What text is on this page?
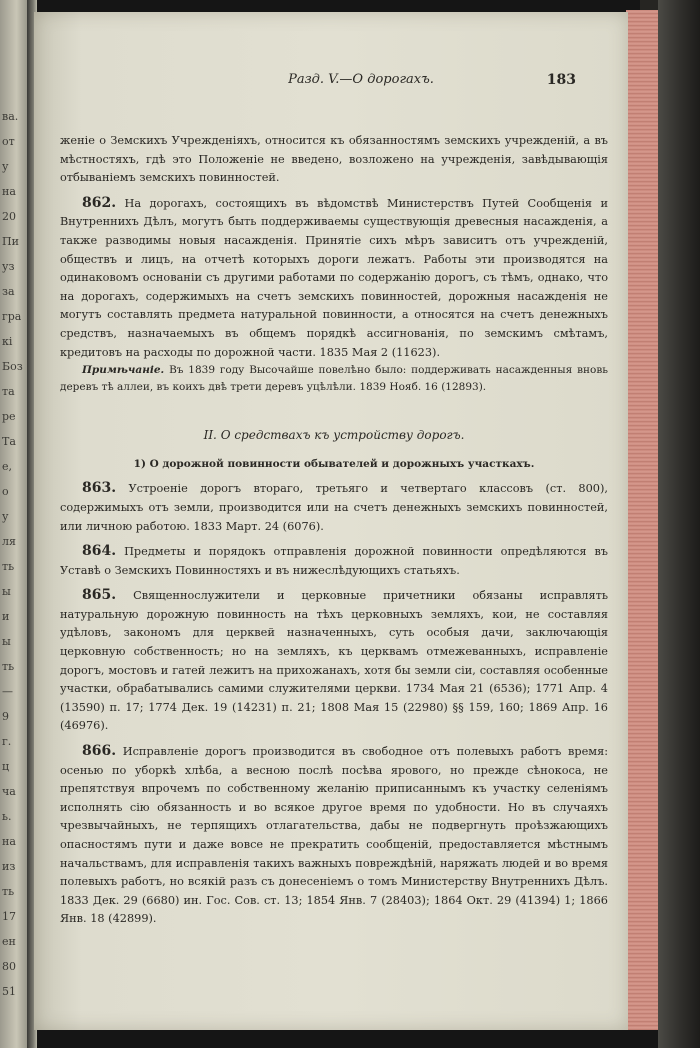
ва.
от
у
на
20
Пи
уз
за
гра
кі
Боз
та
ре
Та
е,
о
у
ля
ть
ы
и
ы
ть
—
9
г.
ц
ча
ь.
на
из
ть
17
ен
80
51

женіе о Земскихъ Учрежденіяхъ, относится къ обязанностямъ земскихъ учрежденій, а въ мѣстностяхъ, гдѣ это Положеніе не введено, возложено на учрежденія, завѣдывающія отбываніемъ земскихъ повинностей.

862. На дорогахъ, состоящихъ въ вѣдомствѣ Министерствъ Путей Сообщенія и Внутреннихъ Дѣлъ, могутъ быть поддерживаемы существующія древесныя насажденія, а также разводимы новыя насажденія. Принятіе сихъ мѣръ зависитъ отъ учрежденій, обществъ и лицъ, на отчетѣ которыхъ дороги лежатъ. Работы эти производятся на одинаковомъ основаніи съ другими работами по содержанію дорогъ, съ тѣмъ, однако, что на дорогахъ, содержимыхъ на счетъ земскихъ повинностей, дорожныя насажденія не могутъ составлять предмета натуральной повинности, а относятся на счетъ денежныхъ средствъ, назначаемыхъ въ общемъ порядкѣ ассигнованія, по земскимъ смѣтамъ, кредитовъ на расходы по дорожной части. 1835 Мая 2 (11623).

Примѣчаніе. Въ 1839 году Высочайше повелѣно было: поддерживать насажденныя вновь деревъ тѣ аллеи, въ коихъ двѣ трети деревъ уцѣлѣли. 1839 Нояб. 16 (12893).

II. О средствахъ къ устройству дорогъ.
1) О дорожной повинности обывателей и дорожныхъ участкахъ.

863. Устроеніе дорогъ втораго, третьяго и четвертаго классовъ (ст. 800), содержимыхъ отъ земли, производится или на счетъ денежныхъ земскихъ повинностей, или личною работою. 1833 Март. 24 (6076).

864. Предметы и порядокъ отправленія дорожной повинности опредѣляются въ Уставѣ о Земскихъ Повинностяхъ и въ нижеслѣдующихъ статьяхъ.

865. Священнослужители и церковные причетники обязаны исправлять натуральную дорожную повинность на тѣхъ церковныхъ земляхъ, кои, не составляя удѣловъ, закономъ для церквей назначенныхъ, суть особыя дачи, заключающія церковную собственность; но на земляхъ, къ церквамъ отмежеванныхъ, исправленіе дорогъ, мостовъ и гатей лежитъ на прихожанахъ, хотя бы земли сіи, составляя особенные участки, обрабатывались самими служителями церкви. 1734 Мая 21 (6536); 1771 Апр. 4 (13590) п. 17; 1774 Дек. 19 (14231) п. 21; 1808 Мая 15 (22980) §§ 159, 160; 1869 Апр. 16 (46976).

866. Исправленіе дорогъ производится въ свободное отъ полевыхъ работъ время: осенью по уборкѣ хлѣба, а весною послѣ посѣва ярового, но прежде сѣнокоса, не препятствуя впрочемъ по собственному желанію приписаннымъ къ участку селеніямъ исполнять сію обязанность и во всякое другое время по удобности. Но въ случаяхъ чрезвычайныхъ, не терпящихъ отлагательства, дабы не подвергнуть проѣзжающихъ опасностямъ пути и даже вовсе не прекратить сообщеній, предоставляется мѣстнымъ начальствамъ, для исправленія такихъ важныхъ повреждѣній, наряжать людей и во время полевыхъ работъ, но всякій разъ съ донесеніемъ о томъ Министерству Внутреннихъ Дѣлъ. 1833 Дек. 29 (6680) ин. Гос. Сов. ст. 13; 1854 Янв. 7 (28403); 1864 Окт. 29 (41394) 1; 1866 Янв. 18 (42899).

Разд. V.—О дорогахъ.	183
